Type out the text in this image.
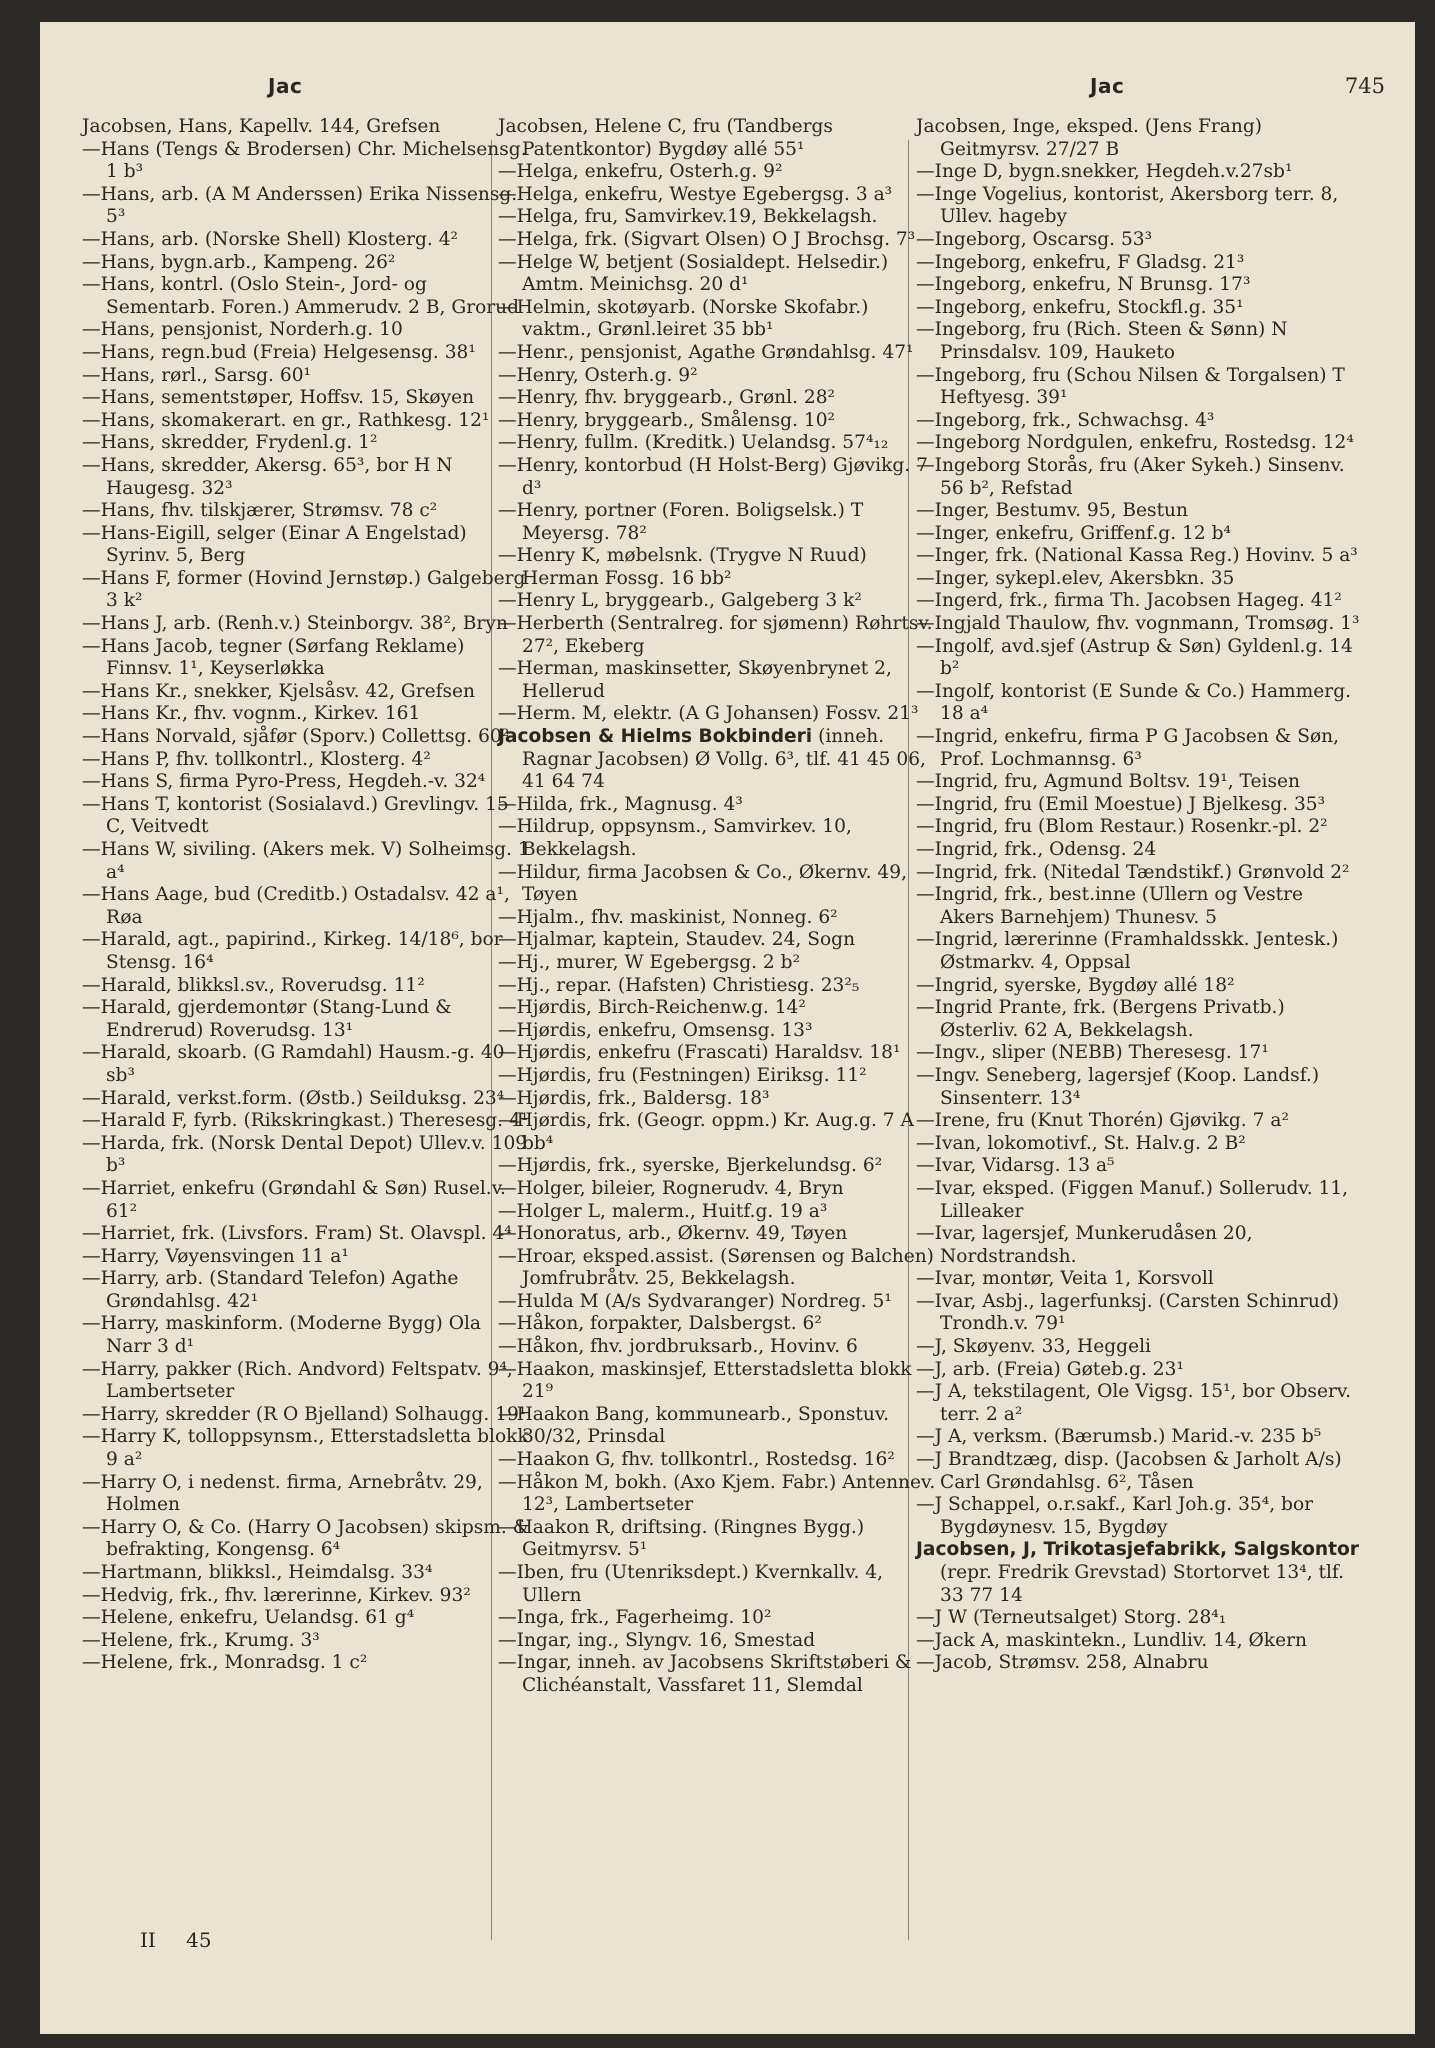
Jac	Jac	745
Jacobsen, Hans, Kapellv. 144, Grefsen
—Hans (Tengs & Brodersen) Chr. Michelsensg. 1 b³
—Hans, arb. (A M Anderssen) Erika Nissensg. 5³
—Hans, arb. (Norske Shell) Klosterg. 4²
—Hans, bygn.arb., Kampeng. 26²
—Hans, kontrl. (Oslo Stein-, Jord- og Sementarb. Foren.) Ammerudv. 2 B, Grorud
—Hans, pensjonist, Norderh.g. 10
—Hans, regn.bud (Freia) Helgesensg. 38¹
—Hans, rørl., Sarsg. 60¹
—Hans, sementstøper, Hoffsv. 15, Skøyen
—Hans, skomakerart. en gr., Rathkesg. 12¹
—Hans, skredder, Frydenl.g. 1²
—Hans, skredder, Akersg. 65³, bor H N Haugesg. 32³
—Hans, fhv. tilskjærer, Strømsv. 78 c²
—Hans-Eigill, selger (Einar A Engelstad) Syrinv. 5, Berg
—Hans F, former (Hovind Jernstøp.) Galgeberg 3 k²
—Hans J, arb. (Renh.v.) Steinborgv. 38², Bryn
—Hans Jacob, tegner (Sørfang Reklame) Finnsv. 1¹, Keyserløkka
—Hans Kr., snekker, Kjelsåsv. 42, Grefsen
—Hans Kr., fhv. vognm., Kirkev. 161
—Hans Norvald, sjåfør (Sporv.) Collettsg. 60²
—Hans P, fhv. tollkontrl., Klosterg. 4²
—Hans S, firma Pyro-Press, Hegdeh.-v. 32⁴
—Hans T, kontorist (Sosialavd.) Grevlingv. 15 C, Veitvedt
—Hans W, siviling. (Akers mek. V) Solheimsg. 1 a⁴
—Hans Aage, bud (Creditb.) Ostadalsv. 42 a¹, Røa
—Harald, agt., papirind., Kirkeg. 14/18⁶, bor Stensg. 16⁴
—Harald, blikksl.sv., Roverudsg. 11²
—Harald, gjerdemontør (Stang-Lund & Endrerud) Roverudsg. 13¹
—Harald, skoarb. (G Ramdahl) Hausm.-g. 40 sb³
—Harald, verkst.form. (Østb.) Seilduksg. 23⁴
—Harald F, fyrb. (Rikskringkast.) Theresesg. 4¹
—Harda, frk. (Norsk Dental Depot) Ullev.v. 109 b³
—Harriet, enkefru (Grøndahl & Søn) Rusel.v. 61²
—Harriet, frk. (Livsfors. Fram) St. Olavspl. 4⁴
—Harry, Vøyensvingen 11 a¹
—Harry, arb. (Standard Telefon) Agathe Grøndahlsg. 42¹
—Harry, maskinform. (Moderne Bygg) Ola Narr 3 d¹
—Harry, pakker (Rich. Andvord) Feltspatv. 9⁴, Lambertseter
—Harry, skredder (R O Bjelland) Solhaugg. 19¹
—Harry K, tolloppsynsm., Etterstadsletta blokk 9 a²
—Harry O, i nedenst. firma, Arnebråtv. 29, Holmen
—Harry O, & Co. (Harry O Jacobsen) skipsm. & befrakting, Kongensg. 6⁴
—Hartmann, blikksl., Heimdalsg. 33⁴
—Hedvig, frk., fhv. lærerinne, Kirkev. 93²
—Helene, enkefru, Uelandsg. 61 g⁴
—Helene, frk., Krumg. 3³
—Helene, frk., Monradsg. 1 c²
Jacobsen, Helene C, fru (Tandbergs Patentkontor) Bygdøy allé 55¹
—Helga, enkefru, Osterh.g. 9²
—Helga, enkefru, Westye Egebergsg. 3 a³
—Helga, fru, Samvirkev.19, Bekkelagsh.
—Helga, frk. (Sigvart Olsen) O J Brochsg. 7³
—Helge W, betjent (Sosialdept. Helsedir.) Amtm. Meinichsg. 20 d¹
—Helmin, skotøyarb. (Norske Skofabr.) vaktm., Grønl.leiret 35 bb¹
—Henr., pensjonist, Agathe Grøndahlsg. 47¹
—Henry, Osterh.g. 9²
—Henry, fhv. bryggearb., Grønl. 28²
—Henry, bryggearb., Smålensg. 10²
—Henry, fullm. (Kreditk.) Uelandsg. 57⁴₁₂
—Henry, kontorbud (H Holst-Berg) Gjøvikg. 7 d³
—Henry, portner (Foren. Boligselsk.) T Meyersg. 78²
—Henry K, møbelsnk. (Trygve N Ruud) Herman Fossg. 16 bb²
—Henry L, bryggearb., Galgeberg 3 k²
—Herberth (Sentralreg. for sjømenn) Røhrtsv. 27², Ekeberg
—Herman, maskinsetter, Skøyenbrynet 2, Hellerud
—Herm. M, elektr. (A G Johansen) Fossv. 21³
Jacobsen & Hielms Bokbinderi (inneh. Ragnar Jacobsen) Ø Vollg. 6³, tlf. 41 45 06, 41 64 74
—Hilda, frk., Magnusg. 4³
—Hildrup, oppsynsm., Samvirkev. 10, Bekkelagsh.
—Hildur, firma Jacobsen & Co., Økernv. 49, Tøyen
—Hjalm., fhv. maskinist, Nonneg. 6²
—Hjalmar, kaptein, Staudev. 24, Sogn
—Hj., murer, W Egebergsg. 2 b²
—Hj., repar. (Hafsten) Christiesg. 23²₅
—Hjørdis, Birch-Reichenw.g. 14²
—Hjørdis, enkefru, Omsensg. 13³
—Hjørdis, enkefru (Frascati) Haraldsv. 18¹
—Hjørdis, fru (Festningen) Eiriksg. 11²
—Hjørdis, frk., Baldersg. 18³
—Hjørdis, frk. (Geogr. oppm.) Kr. Aug.g. 7 A bb⁴
—Hjørdis, frk., syerske, Bjerkelundsg. 6²
—Holger, bileier, Rognerudv. 4, Bryn
—Holger L, malerm., Huitf.g. 19 a³
—Honoratus, arb., Økernv. 49, Tøyen
—Hroar, eksped.assist. (Sørensen og Balchen) Jomfrubråtv. 25, Bekkelagsh.
—Hulda M (A/s Sydvaranger) Nordreg. 5¹
—Håkon, forpakter, Dalsbergst. 6²
—Håkon, fhv. jordbruksarb., Hovinv. 6
—Haakon, maskinsjef, Etterstadsletta blokk 21⁹
—Haakon Bang, kommunearb., Sponstuv. 30/32, Prinsdal
—Haakon G, fhv. tollkontrl., Rostedsg. 16²
—Håkon M, bokh. (Axo Kjem. Fabr.) Antennev. 12³, Lambertseter
—Haakon R, driftsing. (Ringnes Bygg.) Geitmyrsv. 5¹
—Iben, fru (Utenriksdept.) Kvernkallv. 4, Ullern
—Inga, frk., Fagerheimg. 10²
—Ingar, ing., Slyngv. 16, Smestad
—Ingar, inneh. av Jacobsens Skriftstøberi & Clichéanstalt, Vassfaret 11, Slemdal
Jacobsen, Inge, eksped. (Jens Frang) Geitmyrsv. 27/27 B
—Inge D, bygn.snekker, Hegdeh.v.27sb¹
—Inge Vogelius, kontorist, Akersborg terr. 8, Ullev. hageby
—Ingeborg, Oscarsg. 53³
—Ingeborg, enkefru, F Gladsg. 21³
—Ingeborg, enkefru, N Brunsg. 17³
—Ingeborg, enkefru, Stockfl.g. 35¹
—Ingeborg, fru (Rich. Steen & Sønn) N Prinsdalsv. 109, Hauketo
—Ingeborg, fru (Schou Nilsen & Torgalsen) T Heftyesg. 39¹
—Ingeborg, frk., Schwachsg. 4³
—Ingeborg Nordgulen, enkefru, Rostedsg. 12⁴
—Ingeborg Storås, fru (Aker Sykeh.) Sinsenv. 56 b², Refstad
—Inger, Bestumv. 95, Bestun
—Inger, enkefru, Griffenf.g. 12 b⁴
—Inger, frk. (National Kassa Reg.) Hovinv. 5 a³
—Inger, sykepl.elev, Akersbkn. 35
—Ingerd, frk., firma Th. Jacobsen Hageg. 41²
—Ingjald Thaulow, fhv. vognmann, Tromsøg. 1³
—Ingolf, avd.sjef (Astrup & Søn) Gyldenl.g. 14 b²
—Ingolf, kontorist (E Sunde & Co.) Hammerg. 18 a⁴
—Ingrid, enkefru, firma P G Jacobsen & Søn, Prof. Lochmannsg. 6³
—Ingrid, fru, Agmund Boltsv. 19¹, Teisen
—Ingrid, fru (Emil Moestue) J Bjelkesg. 35³
—Ingrid, fru (Blom Restaur.) Rosenkr.-pl. 2²
—Ingrid, frk., Odensg. 24
—Ingrid, frk. (Nitedal Tændstikf.) Grønvold 2²
—Ingrid, frk., best.inne (Ullern og Vestre Akers Barnehjem) Thunesv. 5
—Ingrid, lærerinne (Framhaldsskk. Jentesk.) Østmarkv. 4, Oppsal
—Ingrid, syerske, Bygdøy allé 18²
—Ingrid Prante, frk. (Bergens Privatb.) Østerliv. 62 A, Bekkelagsh.
—Ingv., sliper (NEBB) Theresesg. 17¹
—Ingv. Seneberg, lagersjef (Koop. Landsf.) Sinsenterr. 13⁴
—Irene, fru (Knut Thorén) Gjøvikg. 7 a²
—Ivan, lokomotivf., St. Halv.g. 2 B²
—Ivar, Vidarsg. 13 a⁵
—Ivar, eksped. (Figgen Manuf.) Sollerudv. 11, Lilleaker
—Ivar, lagersjef, Munkerudåsen 20, Nordstrandsh.
—Ivar, montør, Veita 1, Korsvoll
—Ivar, Asbj., lagerfunksj. (Carsten Schinrud) Trondh.v. 79¹
—J, Skøyenv. 33, Heggeli
—J, arb. (Freia) Gøteb.g. 23¹
—J A, tekstilagent, Ole Vigsg. 15¹, bor Observ. terr. 2 a²
—J A, verksm. (Bærumsb.) Marid.-v. 235 b⁵
—J Brandtzæg, disp. (Jacobsen & Jarholt A/s) Carl Grøndahlsg. 6², Tåsen
—J Schappel, o.r.sakf., Karl Joh.g. 35⁴, bor Bygdøynesv. 15, Bygdøy
Jacobsen, J, Trikotasjefabrikk, Salgskontor (repr. Fredrik Grevstad) Stortorvet 13⁴, tlf. 33 77 14
—J W (Terneutsalget) Storg. 28⁴₁
—Jack A, maskintekn., Lundliv. 14, Økern
—Jacob, Strømsv. 258, Alnabru
II 45
